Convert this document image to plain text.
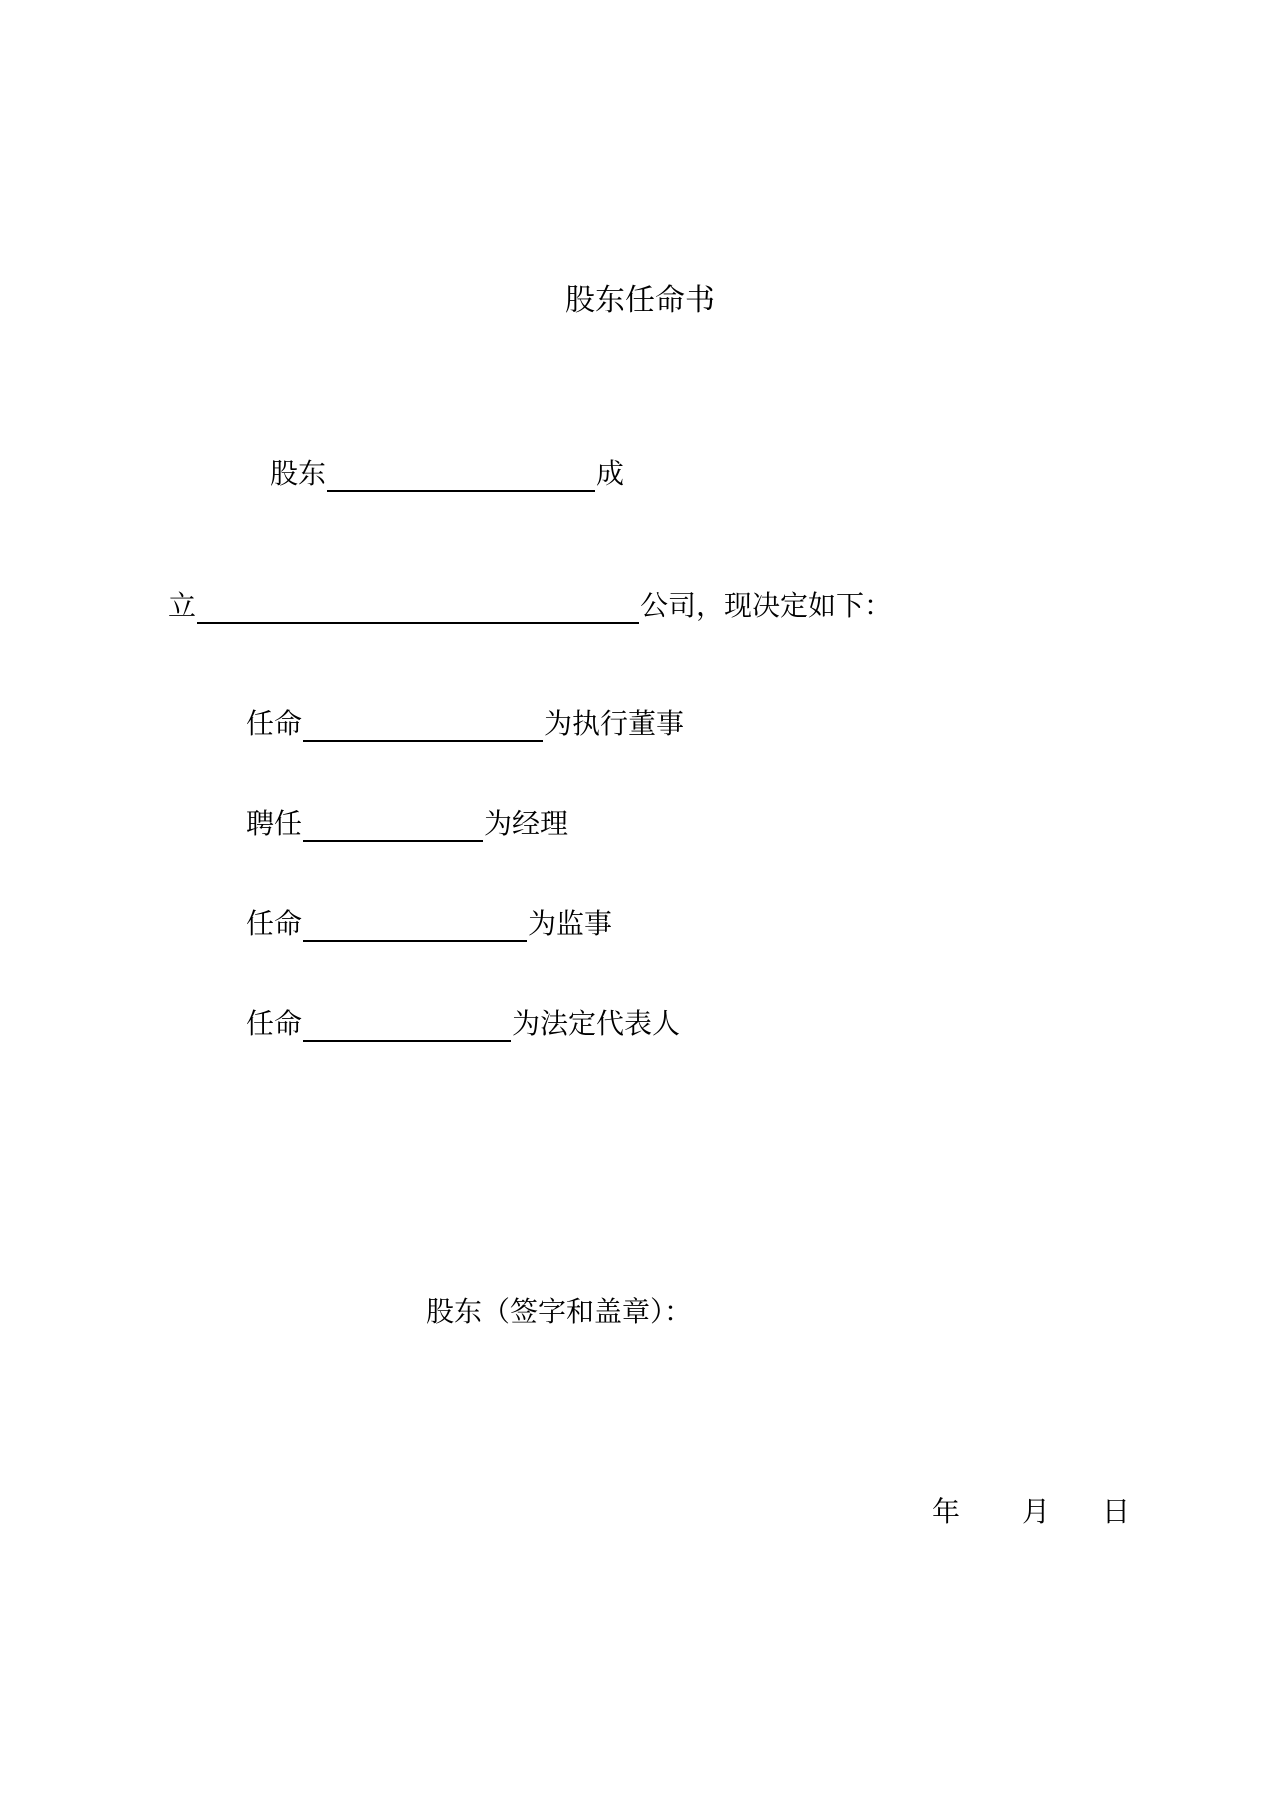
股东任命书
股东	成
立	公司，现决定如下：
任命	为执行董事
聘任	为经理
任命	为监事
任命	为法定代表人
股东（签字和盖章）：
年 月 日
